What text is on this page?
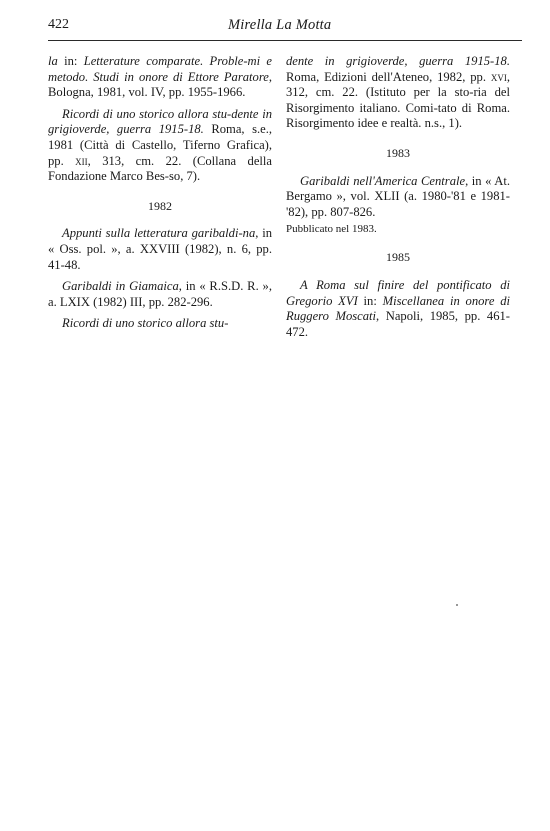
422	Mirella La Motta

la in: Letterature comparate. Proble-mi e metodo. Studi in onore di Ettore Paratore, Bologna, 1981, vol. IV, pp. 1955-1966.

Ricordi di uno storico allora stu-dente in grigioverde, guerra 1915-18. Roma, s.e., 1981 (Città di Castello, Tiferno Grafica), pp. xii, 313, cm. 22. (Collana della Fondazione Marco Bes-so, 7).

1982

Appunti sulla letteratura garibaldi-na, in « Oss. pol. », a. XXVIII (1982), n. 6, pp. 41-48.

Garibaldi in Giamaica, in « R.S.D. R. », a. LXIX (1982) III, pp. 282-296.

Ricordi di uno storico allora stu-

dente in grigioverde, guerra 1915-18. Roma, Edizioni dell'Ateneo, 1982, pp. xvi, 312, cm. 22. (Istituto per la sto-ria del Risorgimento italiano. Comi-tato di Roma. Risorgimento idee e realtà. n.s., 1).

1983

Garibaldi nell'America Centrale, in « At. Bergamo », vol. XLII (a. 1980-'81 e 1981-'82), pp. 807-826.

Pubblicato nel 1983.

1985

A Roma sul finire del pontificato di Gregorio XVI in: Miscellanea in onore di Ruggero Moscati, Napoli, 1985, pp. 461-472.
